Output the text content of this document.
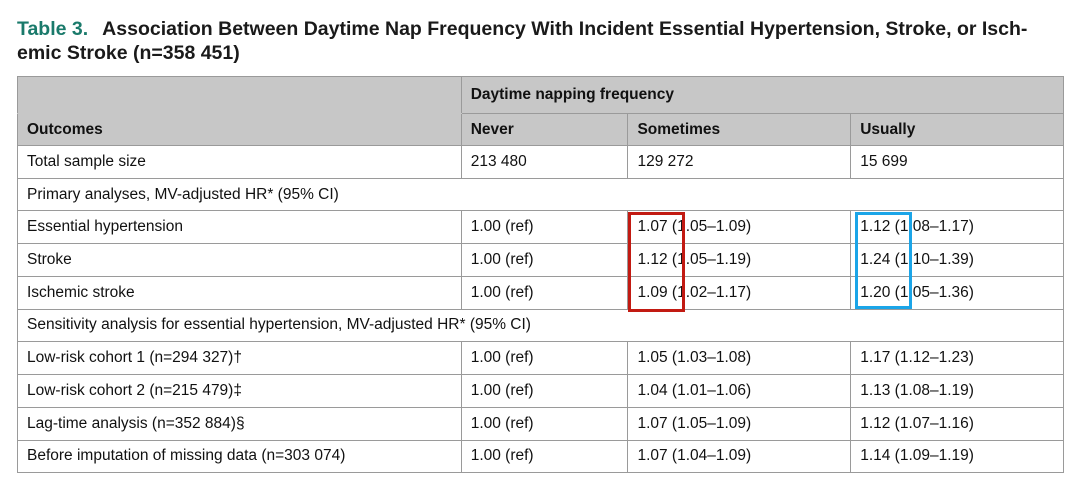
Table 3. Association Between Daytime Nap Frequency With Incident Essential Hypertension, Stroke, or Isch-
emic Stroke (n=358 451)
	Daytime napping frequency		
Outcomes	Never	Sometimes	Usually
Total sample size	213 480	129 272	15 699
Primary analyses, MV-adjusted HR* (95% CI)			
Essential hypertension	1.00 (ref)	1.07 (1.05–1.09)	1.12 (1.08–1.17)
Stroke	1.00 (ref)	1.12 (1.05–1.19)	1.24 (1.10–1.39)
Ischemic stroke	1.00 (ref)	1.09 (1.02–1.17)	1.20 (1.05–1.36)
Sensitivity analysis for essential hypertension, MV-adjusted HR* (95% CI)			
Low-risk cohort 1 (n=294 327)†	1.00 (ref)	1.05 (1.03–1.08)	1.17 (1.12–1.23)
Low-risk cohort 2 (n=215 479)‡	1.00 (ref)	1.04 (1.01–1.06)	1.13 (1.08–1.19)
Lag-time analysis (n=352 884)§	1.00 (ref)	1.07 (1.05–1.09)	1.12 (1.07–1.16)
Before imputation of missing data (n=303 074)	1.00 (ref)	1.07 (1.04–1.09)	1.14 (1.09–1.19)
